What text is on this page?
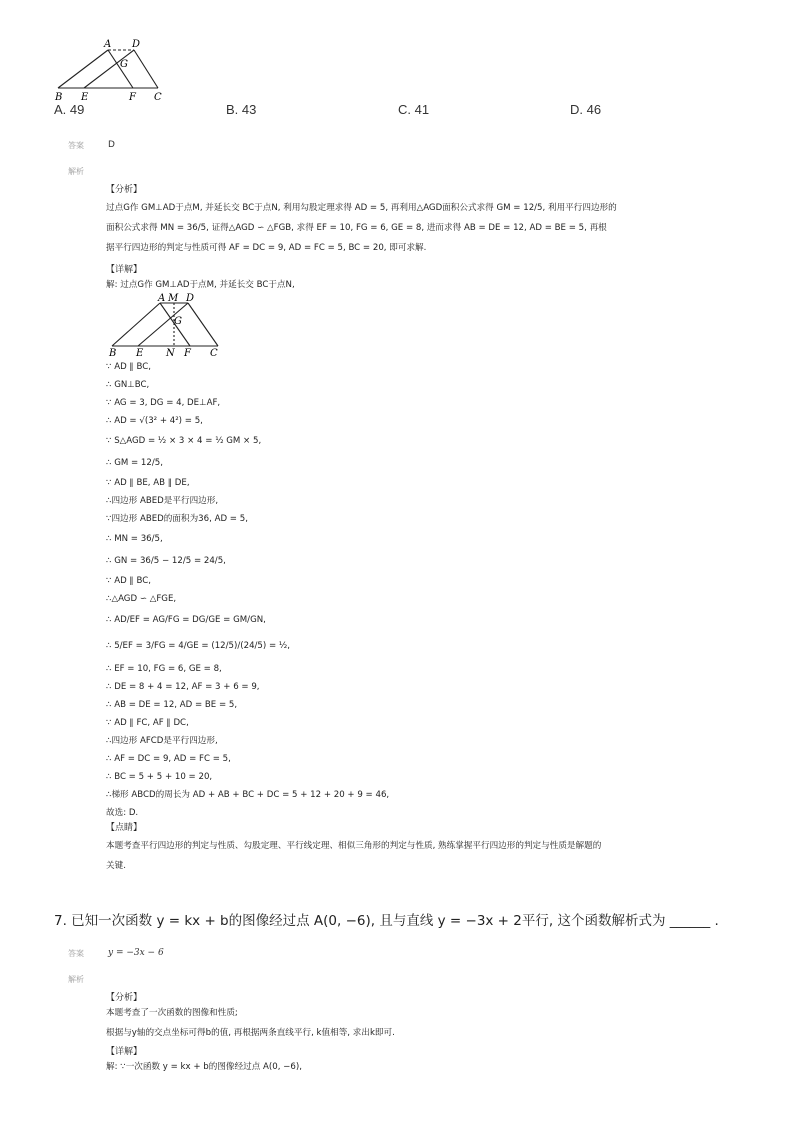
A D
G
B E	F C
A. 49	B. 43	C. 41	D. 46
答案	D
解析
【分析】
过点G作 GM⊥AD于点M, 并延长交 BC于点N, 利用勾股定理求得 AD = 5, 再利用△AGD面积公式求得 GM = 12/5, 利用平行四边形的
面积公式求得 MN = 36/5, 证得△AGD ∽ △FGB, 求得 EF = 10, FG = 6, GE = 8, 进而求得 AB = DE = 12, AD = BE = 5, 再根
据平行四边形的判定与性质可得 AF = DC = 9, AD = FC = 5, BC = 20, 即可求解.
【详解】
解: 过点G作 GM⊥AD于点M, 并延长交 BC于点N,
A M D
G
B E N F C
∵ AD ∥ BC,
∴ GN⊥BC,
∵ AG = 3, DG = 4, DE⊥AF,
∴ AD = √(3² + 4²) = 5,
∵ S△AGD = ½ × 3 × 4 = ½ GM × 5,
∴ GM = 12/5,
∵ AD ∥ BE, AB ∥ DE,
∴四边形 ABED是平行四边形,
∵四边形 ABED的面积为36, AD = 5,
∴ MN = 36/5,
∴ GN = 36/5 − 12/5 = 24/5,
∵ AD ∥ BC,
∴△AGD ∽ △FGE,
∴ AD/EF = AG/FG = DG/GE = GM/GN,
∴ 5/EF = 3/FG = 4/GE = (12/5)/(24/5) = ½,
∴ EF = 10, FG = 6, GE = 8,
∴ DE = 8 + 4 = 12, AF = 3 + 6 = 9,
∴ AB = DE = 12, AD = BE = 5,
∵ AD ∥ FC, AF ∥ DC,
∴四边形 AFCD是平行四边形,
∴ AF = DC = 9, AD = FC = 5,
∴ BC = 5 + 5 + 10 = 20,
∴梯形 ABCD的周长为 AD + AB + BC + DC = 5 + 12 + 20 + 9 = 46,
故选: D.
【点睛】
本题考查平行四边形的判定与性质、勾股定理、平行线定理、相似三角形的判定与性质, 熟练掌握平行四边形的判定与性质是解题的
关键.
7. 已知一次函数 y = kx + b的图像经过点 A(0, −6), 且与直线 y = −3x + 2平行, 这个函数解析式为 ______ .
答案	y = −3x − 6
解析
【分析】
本题考查了一次函数的图像和性质;
根据与y轴的交点坐标可得b的值, 再根据两条直线平行, k值相等, 求出k即可.
【详解】
解: ∵一次函数 y = kx + b的图像经过点 A(0, −6),
